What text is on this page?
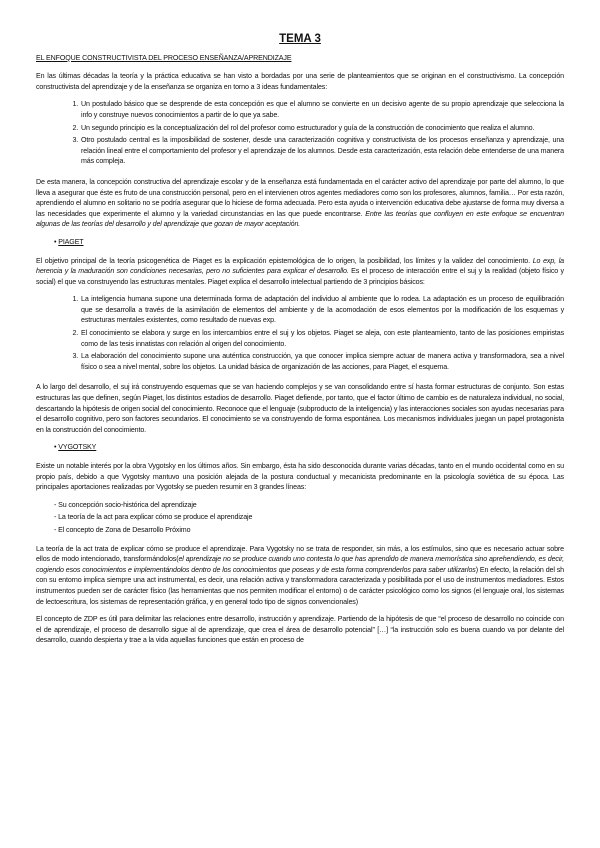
TEMA 3
EL ENFOQUE CONSTRUCTIVISTA DEL PROCESO ENSEÑANZA/APRENDIZAJE

En las últimas décadas la teoría y la práctica educativa se han visto a bordadas por una serie de planteamientos que se originan en el constructivismo. La concepción constructivista del aprendizaje y de la enseñanza se organiza en torno a 3 ideas fundamentales:

1. Un postulado básico que se desprende de esta concepción es que el alumno se convierte en un decisivo agente de su propio aprendizaje que selecciona la info y construye nuevos conocimientos a partir de lo que ya sabe.
2. Un segundo principio es la conceptualización del rol del profesor como estructurador y guía de la construcción de conocimiento que realiza el alumno.
3. Otro postulado central es la imposibilidad de sostener, desde una caracterización cognitiva y constructivista de los procesos enseñanza y aprendizaje, una relación lineal entre el comportamiento del profesor y el aprendizaje de los alumnos. Desde esta caracterización, esta relación debe entenderse de una manera más compleja.

De esta manera, la concepción constructiva del aprendizaje escolar y de la enseñanza está fundamentada en el carácter activo del aprendizaje por parte del alumno, lo que lleva a asegurar que éste es fruto de una construcción personal, pero en el intervienen otros agentes mediadores como son los profesores, alumnos, familia… Por esta razón, aprendiendo el alumno en solitario no se podría asegurar que lo hiciese de forma adecuada. Pero esta ayuda o intervención educativa debe ajustarse de forma muy diversa a las necesidades que experimente el alumno y la variedad circunstancias en las que puede encontrarse. Entre las teorías que confluyen en este enfoque se encuentran algunas de las teorías del desarrollo y del aprendizaje que gozan de mayor aceptación.

• PIAGET

El objetivo principal de la teoría psicogenética de Piaget es la explicación epistemológica de lo origen, la posibilidad, los límites y la validez del conocimiento. Lo exp, la herencia y la maduración son condiciones necesarias, pero no suficientes para explicar el desarrollo. Es el proceso de interacción entre el suj y la realidad (objeto físico y social) el que va construyendo las estructuras mentales. Piaget explica el desarrollo intelectual partiendo de 3 principios básicos:

1. La inteligencia humana supone una determinada forma de adaptación del individuo al ambiente que lo rodea. La adaptación es un proceso de equilibración que se desarrolla a través de la asimilación de elementos del ambiente y de la acomodación de esos elementos por la modificación de los esquemas y estructuras mentales existentes, como resultado de nuevas exp.
2. El conocimiento se elabora y surge en los intercambios entre el suj y los objetos. Piaget se aleja, con este planteamiento, tanto de las posiciones empiristas como de las tesis innatistas con relación al origen del conocimiento.
3. La elaboración del conocimiento supone una auténtica construcción, ya que conocer implica siempre actuar de manera activa y transformadora, sea a nivel físico o sea a nivel mental, sobre los objetos. La unidad básica de organización de las acciones, para Piaget, el esquema.

A lo largo del desarrollo, el suj irá construyendo esquemas que se van haciendo complejos y se van consolidando entre sí hasta formar estructuras de conjunto. Son estas estructuras las que definen, según Piaget, los distintos estadios de desarrollo. Piaget defiende, por tanto, que el factor último de cambio es de naturaleza individual, no social, descartando la hipótesis de origen social del conocimiento. Reconoce que el lenguaje (subproducto de la inteligencia) y las interacciones sociales son ayudas necesarias para el desarrollo cognitivo, pero son factores secundarios. El conocimiento se va construyendo de forma espontánea. Los mecanismos individuales juegan un papel protagonista en la construcción del conocimiento.

• VYGOTSKY

Existe un notable interés por la obra Vygotsky en los últimos años. Sin embargo, ésta ha sido desconocida durante varias décadas, tanto en el mundo occidental como en su propio país, debido a que Vygotsky mantuvo una posición alejada de la postura conductual y mecanicista predominante en la psicología soviética de su época. Las principales aportaciones realizadas por Vygotsky se pueden resumir en 3 grandes líneas:

- Su concepción socio-histórica del aprendizaje
- La teoría de la act para explicar cómo se produce el aprendizaje
- El concepto de Zona de Desarrollo Próximo

La teoría de la act trata de explicar cómo se produce el aprendizaje. Para Vygotsky no se trata de responder, sin más, a los estímulos, sino que es necesario actuar sobre ellos de modo intencionado, transformándolos(el aprendizaje no se produce cuando uno contesta lo que has aprendido de manera memorística sino aprehendiendo, es decir, cogiendo esos conocimientos e implementándolos dentro de los conocimientos que poseas y de esta forma comprenderlos para saber utilizarlos) En efecto, la relación del sh con su entorno implica siempre una act instrumental, es decir, una relación activa y transformadora caracterizada y posibilitada por el uso de instrumentos mediadores. Estos instrumentos pueden ser de carácter físico (las herramientas que nos permiten modificar el entorno) o de carácter psicológico como los signos (el lenguaje oral, los sistemas de lectoescritura, los sistemas de representación gráfica, y en general todo tipo de signos convencionales)

El concepto de ZDP es útil para delimitar las relaciones entre desarrollo, instrucción y aprendizaje. Partiendo de la hipótesis de que “el proceso de desarrollo no coincide con el de aprendizaje, el proceso de desarrollo sigue al de aprendizaje, que crea el área de desarrollo potencial” […] “la instrucción solo es buena cuando va por delante del desarrollo, cuando despierta y trae a la vida aquellas funciones que están en proceso de
